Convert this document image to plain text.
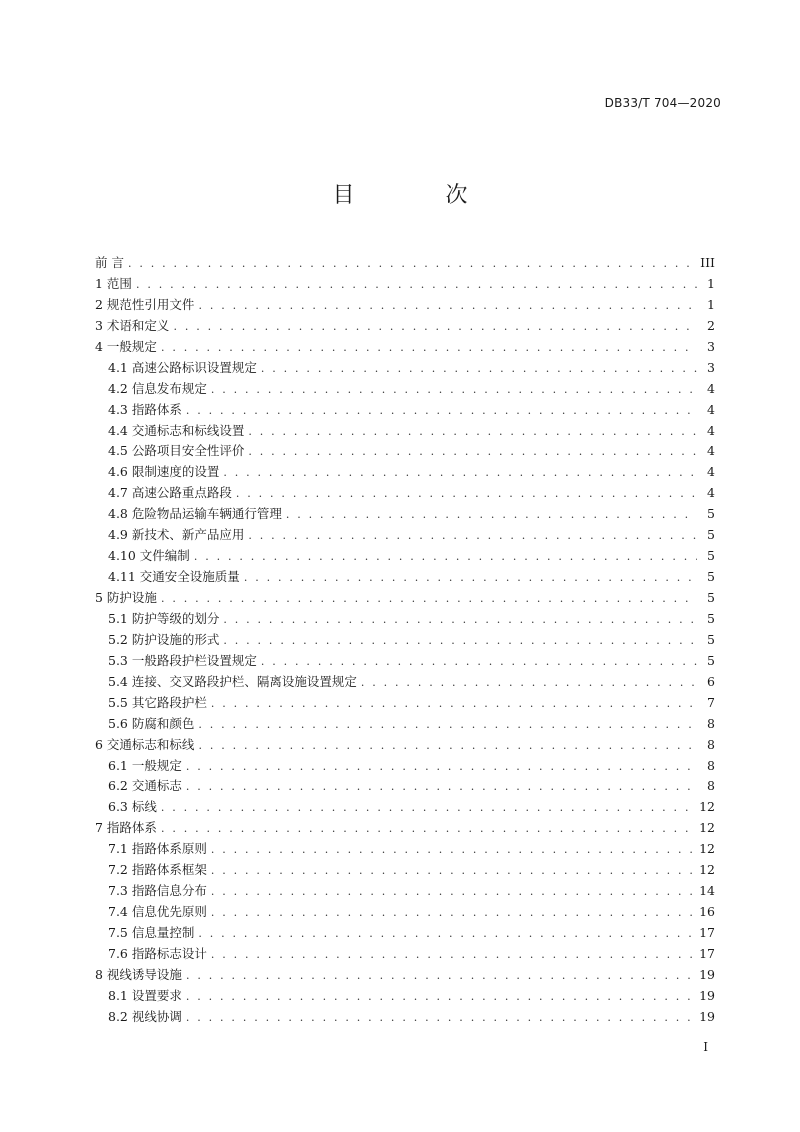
DB33/T 704—2020
目 次
前 言 . . .	III
1 范围 . . .	1
2 规范性引用文件 . . .	1
3 术语和定义 . . .	2
4 一般规定 . . .	3
4.1 高速公路标识设置规定 . . .	3
4.2 信息发布规定 . . .	4
4.3 指路体系 . . .	4
4.4 交通标志和标线设置 . . .	4
4.5 公路项目安全性评价 . . .	4
4.6 限制速度的设置 . . .	4
4.7 高速公路重点路段 . . .	4
4.8 危险物品运输车辆通行管理 . . .	5
4.9 新技术、新产品应用 . . .	5
4.10 文件编制 . . .	5
4.11 交通安全设施质量 . . .	5
5 防护设施 . . .	5
5.1 防护等级的划分 . . .	5
5.2 防护设施的形式 . . .	5
5.3 一般路段护栏设置规定 . . .	5
5.4 连接、交叉路段护栏、隔离设施设置规定 . . .	6
5.5 其它路段护栏 . . .	7
5.6 防腐和颜色 . . .	8
6 交通标志和标线 . . .	8
6.1 一般规定 . . .	8
6.2 交通标志 . . .	8
6.3 标线 . . .	12
7 指路体系 . . .	12
7.1 指路体系原则 . . .	12
7.2 指路体系框架 . . .	12
7.3 指路信息分布 . . .	14
7.4 信息优先原则 . . .	16
7.5 信息量控制 . . .	17
7.6 指路标志设计 . . .	17
8 视线诱导设施 . . .	19
8.1 设置要求 . . .	19
8.2 视线协调 . . .	19
I
